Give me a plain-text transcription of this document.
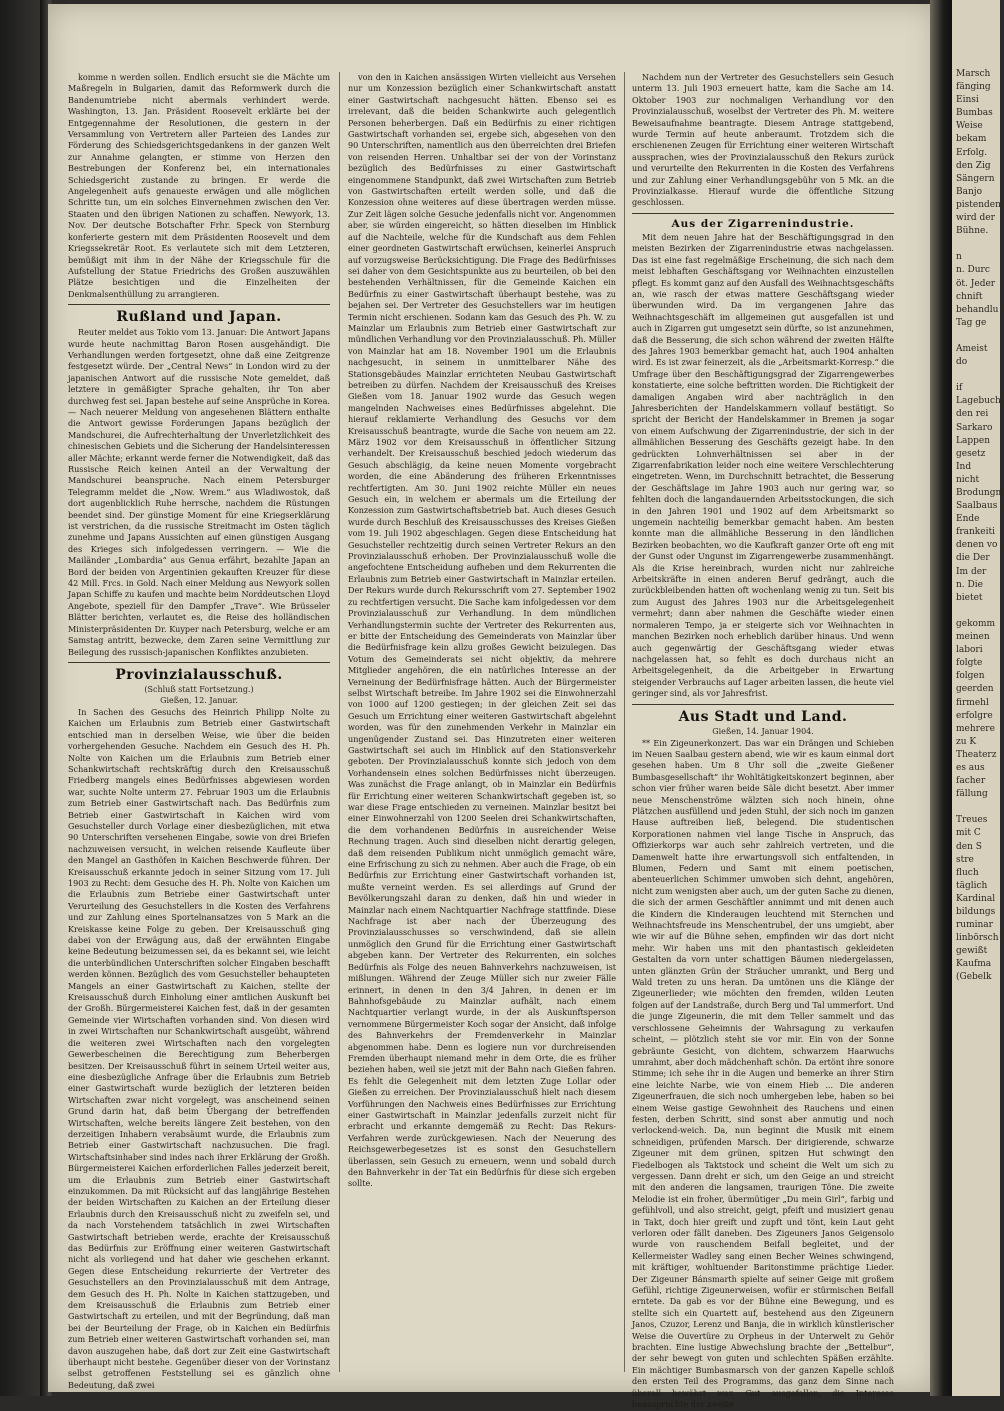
komme n werden sollen. Endlich ersucht sie die Mächte um Maßregeln in Bulgarien, damit das Reformwerk durch die Bandenumtriebe nicht abermals verhindert werde. Washington, 13. Jan. Präsident Roosevelt erklärte bei der Entgegennahme der Resolutionen, die gestern in der Versammlung von Vertretern aller Parteien des Landes zur Förderung des Schiedsgerichtsgedankens in der ganzen Welt zur Annahme gelangten, er stimme von Herzen den Bestrebungen der Konferenz bei, ein internationales Schiedsgericht zustande zu bringen. Er werde die Angelegenheit aufs genaueste erwägen und alle möglichen Schritte tun, um ein solches Einvernehmen zwischen den Ver. Staaten und den übrigen Nationen zu schaffen. Newyork, 13. Nov. Der deutsche Botschafter Frhr. Speck von Sternburg konferierte gestern mit dem Präsidenten Roosevelt und dem Kriegssekretär Root. Es verlautete sich mit dem Letzteren, bemüßigt mit ihm in der Nähe der Kriegsschule für die Aufstellung der Statue Friedrichs des Großen auszuwählen Plätze besichtigen und die Einzelheiten der Denkmalsenthüllung zu arrangieren.

Rußland und Japan.

Reuter meldet aus Tokio vom 13. Januar: Die Antwort Japans wurde heute nachmittag Baron Rosen ausgehändigt. Die Verhandlungen werden fortgesetzt, ohne daß eine Zeitgrenze festgesetzt würde. Der „Central News“ in London wird zu der japanischen Antwort auf die russische Note gemeldet, daß letztere in gemäßigter Sprache gehalten, ihr Ton aber durchweg fest sei. Japan bestehe auf seine Ansprüche in Korea. — Nach neuerer Meldung von angesehenen Blättern enthalte die Antwort gewisse Forderungen Japans bezüglich der Mandschurei, die Aufrechterhaltung der Unverletzlichkeit des chinesischen Gebiets und die Sicherung der Handelsinteressen aller Mächte; erkannt werde ferner die Notwendigkeit, daß das Russische Reich keinen Anteil an der Verwaltung der Mandschurei beanspruche. Nach einem Petersburger Telegramm meldet die „Now. Wrem.“ aus Wladiwostok, daß dort augenblicklich Ruhe herrsche, nachdem die Rüstungen beendet sind. Der günstige Moment für eine Kriegserklärung ist verstrichen, da die russische Streitmacht im Osten täglich zunehme und Japans Aussichten auf einen günstigen Ausgang des Krieges sich infolgedessen verringern. — Wie die Mailänder „Lombardia“ aus Genua erfährt, bezahlte Japan an Bord der beiden von Argentinien gekauften Kreuzer für diese 42 Mill. Frcs. in Gold. Nach einer Meldung aus Newyork sollen Japan Schiffe zu kaufen und machte beim Norddeutschen Lloyd Angebote, speziell für den Dampfer „Trave“. Wie Brüsseler Blätter berichten, verlautet es, die Reise des holländischen Ministerpräsidenten Dr. Kuyper nach Petersburg, welche er am Samstag antritt, bezwecke, dem Zaren seine Vermittlung zur Beilegung des russisch-japanischen Konfliktes anzubieten.

Provinzialausschuß.
(Schluß statt Fortsetzung.)
Gießen, 12. Januar.

In Sachen des Gesuchs des Heinrich Philipp Nolte zu Kaichen um Erlaubnis zum Betrieb einer Gastwirtschaft entschied man in derselben Weise, wie über die beiden vorhergehenden Gesuche. Nachdem ein Gesuch des H. Ph. Nolte von Kaichen um die Erlaubnis zum Betrieb einer Schankwirtschaft rechtskräftig durch den Kreisausschuß Friedberg mangels eines Bedürfnisses abgewiesen worden war, suchte Nolte unterm 27. Februar 1903 um die Erlaubnis zum Betrieb einer Gastwirtschaft nach. Das Bedürfnis zum Betrieb einer Gastwirtschaft in Kaichen wird vom Gesuchsteller durch Vorlage einer diesbezüglichen, mit etwa 90 Unterschriften versehenen Eingabe, sowie von drei Briefen nachzuweisen versucht, in welchen reisende Kaufleute über den Mangel an Gasthöfen in Kaichen Beschwerde führen. Der Kreisausschuß erkannte jedoch in seiner Sitzung vom 17. Juli 1903 zu Recht: dem Gesuche des H. Ph. Nolte von Kaichen um die Erlaubnis zum Betriebe einer Gastwirtschaft unter Verurteilung des Gesuchstellers in die Kosten des Verfahrens und zur Zahlung eines Sportelnansatzes von 5 Mark an die Kreiskasse keine Folge zu geben. Der Kreisausschuß ging dabei von der Erwägung aus, daß der erwähnten Eingabe keine Bedeutung beizumessen sei, da es bekannt sei, wie leicht die unterbündlichen Unterschriften solcher Eingaben beschafft werden können. Bezüglich des vom Gesuchsteller behaupteten Mangels an einer Gastwirtschaft zu Kaichen, stellte der Kreisausschuß durch Einholung einer amtlichen Auskunft bei der Großh. Bürgermeisterei Kaichen fest, daß in der gesamten Gemeinde vier Wirtschaften vorhanden sind. Von diesen wird in zwei Wirtschaften nur Schankwirtschaft ausgeübt, während die weiteren zwei Wirtschaften nach den vorgelegten Gewerbescheinen die Berechtigung zum Beherbergen besitzen. Der Kreisausschuß führt in seinem Urteil weiter aus, eine diesbezügliche Anfrage über die Erlaubnis zum Betrieb einer Gastwirtschaft wurde bezüglich der letzteren beiden Wirtschaften zwar nicht vorgelegt, was anscheinend seinen Grund darin hat, daß beim Übergang der betreffenden Wirtschaften, welche bereits längere Zeit bestehen, von den derzeitigen Inhabern verabsäumt wurde, die Erlaubnis zum Betrieb einer Gastwirtschaft nachzusuchen. Die fragl. Wirtschaftsinhaber sind indes nach ihrer Erklärung der Großh. Bürgermeisterei Kaichen erforderlichen Falles jederzeit bereit, um die Erlaubnis zum Betrieb einer Gastwirtschaft einzukommen. Da mit Rücksicht auf das langjährige Bestehen der beiden Wirtschaften zu Kaichen an der Erteilung dieser Erlaubnis durch den Kreisausschuß nicht zu zweifeln sei, und da nach Vorstehendem tatsächlich in zwei Wirtschaften Gastwirtschaft betrieben werde, erachte der Kreisausschuß das Bedürfnis zur Eröffnung einer weiteren Gastwirtschaft nicht als vorliegend und hat daher wie geschehen erkannt. Gegen diese Entscheidung rekurrierte der Vertreter des Gesuchstellers an den Provinzialausschuß mit dem Antrage, dem Gesuch des H. Ph. Nolte in Kaichen stattzugeben, und dem Kreisausschuß die Erlaubnis zum Betrieb einer Gastwirtschaft zu erteilen, und mit der Begründung, daß man bei der Beurteilung der Frage, ob in Kaichen ein Bedürfnis zum Betrieb einer weiteren Gastwirtschaft vorhanden sei, man davon auszugehen habe, daß dort zur Zeit eine Gastwirtschaft überhaupt nicht bestehe. Gegenüber dieser von der Vorinstanz selbst getroffenen Feststellung sei es gänzlich ohne Bedeutung, daß zwei

von den in Kaichen ansässigen Wirten vielleicht aus Versehen nur um Konzession bezüglich einer Schankwirtschaft anstatt einer Gastwirtschaft nachgesucht hätten. Ebenso sei es irrelevant, daß die beiden Schankwirte auch gelegentlich Personen beherbergen. Daß ein Bedürfnis zu einer richtigen Gastwirtschaft vorhanden sei, ergebe sich, abgesehen von den 90 Unterschriften, namentlich aus den überreichten drei Briefen von reisenden Herren. Unhaltbar sei der von der Vorinstanz bezüglich des Bedürfnisses zu einer Gastwirtschaft eingenommene Standpunkt, daß zwei Wirtschaften zum Betrieb von Gastwirtschaften erteilt werden solle, und daß die Konzession ohne weiteres auf diese übertragen werden müsse. Zur Zeit lägen solche Gesuche jedenfalls nicht vor. Angenommen aber, sie würden eingereicht, so hätten dieselben im Hinblick auf die Nachteile, welche für die Kundschaft aus dem Fehlen einer geordneten Gastwirtschaft erwüchsen, keinerlei Anspruch auf vorzugsweise Berücksichtigung. Die Frage des Bedürfnisses sei daher von dem Gesichtspunkte aus zu beurteilen, ob bei den bestehenden Verhältnissen, für die Gemeinde Kaichen ein Bedürfnis zu einer Gastwirtschaft überhaupt bestehe, was zu bejahen sei. Der Vertreter des Gesuchstellers war im heutigen Termin nicht erschienen. Sodann kam das Gesuch des Ph. W. zu Mainzlar um Erlaubnis zum Betrieb einer Gastwirtschaft zur mündlichen Verhandlung vor den Provinzialausschuß. Ph. Müller von Mainzlar hat am 18. November 1901 um die Erlaubnis nachgesucht, in seinem in unmittelbarer Nähe des Stationsgebäudes Mainzlar errichteten Neubau Gastwirtschaft betreiben zu dürfen. Nachdem der Kreisausschuß des Kreises Gießen vom 18. Januar 1902 wurde das Gesuch wegen mangelnden Nachweises eines Bedürfnisses abgelehnt. Die hierauf reklamierte Verhandlung des Gesuchs vor dem Kreisausschuß beantragte, wurde die Sache von neuem am 22. März 1902 vor dem Kreisausschuß in öffentlicher Sitzung verhandelt. Der Kreisausschuß beschied jedoch wiederum das Gesuch abschlägig, da keine neuen Momente vorgebracht worden, die eine Abänderung des früheren Erkenntnisses rechtfertigten. Am 30. Juni 1902 reichte Müller ein neues Gesuch ein, in welchem er abermals um die Erteilung der Konzession zum Gastwirtschaftsbetrieb bat. Auch dieses Gesuch wurde durch Beschluß des Kreisausschusses des Kreises Gießen vom 19. Juli 1902 abgeschlagen. Gegen diese Entscheidung hat Gesuchsteller rechtzeitig durch seinen Vertreter Rekurs an den Provinzialausschuß erhoben. Der Provinzialausschuß wolle die angefochtene Entscheidung aufheben und dem Rekurrenten die Erlaubnis zum Betrieb einer Gastwirtschaft in Mainzlar erteilen. Der Rekurs wurde durch Rekursschrift vom 27. September 1902 zu rechtfertigen versucht. Die Sache kam infolgedessen vor dem Provinzialausschuß zur Verhandlung. In dem mündlichen Verhandlungstermin suchte der Vertreter des Rekurrenten aus, er bitte der Entscheidung des Gemeinderats von Mainzlar über die Bedürfnisfrage kein allzu großes Gewicht beizulegen. Das Votum des Gemeinderats sei nicht objektiv, da mehrere Mitglieder angehören, die ein natürliches Interesse an der Verneinung der Bedürfnisfrage hätten. Auch der Bürgermeister selbst Wirtschaft betreibe. Im Jahre 1902 sei die Einwohnerzahl von 1000 auf 1200 gestiegen; in der gleichen Zeit sei das Gesuch um Errichtung einer weiteren Gastwirtschaft abgelehnt worden, was für den zunehmenden Verkehr in Mainzlar ein ungenügender Zustand sei. Das Hinzutreten einer weiteren Gastwirtschaft sei auch im Hinblick auf den Stationsverkehr geboten. Der Provinzialausschuß konnte sich jedoch von dem Vorhandensein eines solchen Bedürfnisses nicht überzeugen. Was zunächst die Frage anlangt, ob in Mainzlar ein Bedürfnis für Errichtung einer weiteren Schankwirtschaft gegeben ist, so war diese Frage entschieden zu verneinen. Mainzlar besitzt bei einer Einwohnerzahl von 1200 Seelen drei Schankwirtschaften, die dem vorhandenen Bedürfnis in ausreichender Weise Rechnung tragen. Auch sind dieselben nicht derartig gelegen, daß dem reisenden Publikum nicht unmöglich gemacht wäre, eine Erfrischung zu sich zu nehmen. Aber auch die Frage, ob ein Bedürfnis zur Errichtung einer Gastwirtschaft vorhanden ist, mußte verneint werden. Es sei allerdings auf Grund der Bevölkerungszahl daran zu denken, daß hin und wieder in Mainzlar nach einem Nachtquartier Nachfrage stattfinde. Diese Nachfrage ist aber nach der Überzeugung des Provinzialausschusses so verschwindend, daß sie allein unmöglich den Grund für die Errichtung einer Gastwirtschaft abgeben kann. Der Vertreter des Rekurrenten, ein solches Bedürfnis als Folge des neuen Bahnverkehrs nachzuweisen, ist mißlungen. Während der Zeuge Müller sich nur zweier Fälle erinnert, in denen in den 3/4 Jahren, in denen er im Bahnhofsgebäude zu Mainzlar aufhält, nach einem Nachtquartier verlangt wurde, in der als Auskunftsperson vernommene Bürgermeister Koch sogar der Ansicht, daß infolge des Bahnverkehrs der Fremdenverkehr in Mainzlar abgenommen habe. Denn es logiere nun vor durchreisenden Fremden überhaupt niemand mehr in dem Orte, die es früher beziehen haben, weil sie jetzt mit der Bahn nach Gießen fahren. Es fehlt die Gelegenheit mit dem letzten Zuge Lollar oder Gießen zu erreichen. Der Provinzialausschuß hielt nach diesem Vorführungen den Nachweis eines Bedürfnisses zur Errichtung einer Gastwirtschaft in Mainzlar jedenfalls zurzeit nicht für erbracht und erkannte demgemäß zu Recht: Das Rekurs-Verfahren werde zurückgewiesen. Nach der Neuerung des Reichsgewerbegesetzes ist es sonst den Gesuchstellern überlassen, sein Gesuch zu erneuern, wenn und sobald durch den Bahnverkehr in der Tat ein Bedürfnis für diese sich ergeben sollte.

Nachdem nun der Vertreter des Gesuchstellers sein Gesuch unterm 13. Juli 1903 erneuert hatte, kam die Sache am 14. Oktober 1903 zur nochmaligen Verhandlung vor den Provinzialausschuß, woselbst der Vertreter des Ph. M. weitere Beweisaufnahme beantragte. Diesem Antrage stattgebend, wurde Termin auf heute anberaumt. Trotzdem sich die erschienenen Zeugen für Errichtung einer weiteren Wirtschaft aussprachen, wies der Provinzialausschuß den Rekurs zurück und verurteilte den Rekurrenten in die Kosten des Verfahrens und zur Zahlung einer Verhandlungsgebühr von 5 Mk. an die Provinzialkasse. Hierauf wurde die öffentliche Sitzung geschlossen.

Aus der Zigarrenindustrie.

Mit dem neuen Jahre hat der Beschäftigungsgrad in den meisten Bezirken der Zigarrenindustrie etwas nachgelassen. Das ist eine fast regelmäßige Erscheinung, die sich nach dem meist lebhaften Geschäftsgang vor Weihnachten einzustellen pflegt. Es kommt ganz auf den Ausfall des Weihnachtsgeschäfts an, wie rasch der etwas mattere Geschäftsgang wieder überwunden wird. Da im vergangenen Jahre das Weihnachtsgeschäft im allgemeinen gut ausgefallen ist und auch in Zigarren gut umgesetzt sein dürfte, so ist anzunehmen, daß die Besserung, die sich schon während der zweiten Hälfte des Jahres 1903 bemerkbar gemacht hat, auch 1904 anhalten wird. Es ist zwar feinerzeit, als die „Arbeitsmarkt-Korresp.“ die Umfrage über den Beschäftigungsgrad der Zigarrengewerbes konstatierte, eine solche beftritten worden. Die Richtigkeit der damaligen Angaben wird aber nachträglich in den Jahresberichten der Handelskammern vollauf bestätigt. So spricht der Bericht der Handelskammer in Bremen ja sogar von einem Aufschwung der Zigarrenindustrie, der sich in der allmählichen Besserung des Geschäfts gezeigt habe. In den gedrückten Lohnverhältnissen sei aber in der Zigarrenfabrikation leider noch eine weitere Verschlechterung eingetreten. Wenn, im Durchschnitt betrachtet, die Besserung der Geschäftslage im Jahre 1903 auch nur gering war, so fehlten doch die langandauernden Arbeitsstockungen, die sich in den Jahren 1901 und 1902 auf dem Arbeitsmarkt so ungemein nachteilig bemerkbar gemacht haben. Am besten konnte man die allmähliche Besserung in den ländlichen Bezirken beobachten, wo die Kaufkraft ganzer Orte oft eng mit der Gunst oder Ungunst im Zigarrengewerbe zusammenhängt. Als die Krise hereinbrach, wurden nicht nur zahlreiche Arbeitskräfte in einen anderen Beruf gedrängt, auch die zurückbleibenden hatten oft wochenlang wenig zu tun. Seit bis zum August des Jahres 1903 nur die Arbeitsgelegenheit vermehrt; dann aber nahmen die Geschäfte wieder einen normaleren Tempo, ja er steigerte sich vor Weihnachten in manchen Bezirken noch erheblich darüber hinaus. Und wenn auch gegenwärtig der Geschäftsgang wieder etwas nachgelassen hat, so fehlt es doch durchaus nicht an Arbeitsgelegenheit, da die Arbeitgeber in Erwartung steigender Verbrauchs auf Lager arbeiten lassen, die heute viel geringer sind, als vor Jahresfrist.

Aus Stadt und Land.
Gießen, 14. Januar 1904.

** Ein Zigeunerkonzert. Das war ein Drängen und Schieben im Neuen Saalbau gestern abend, wie wir es kaum einmal dort gesehen haben. Um 8 Uhr soll die „zweite Gießener Bumbasgesellschaft“ ihr Wohltätigkeitskonzert beginnen, aber schon vier früher waren beide Säle dicht besetzt. Aber immer neue Menschenströme wälzten sich noch hinein, ohne Plätzchen ausfüllend und jeden Stuhl, der sich noch im ganzen Hause auftreiben ließ, belegend. Die studentischen Korporationen nahmen viel lange Tische in Anspruch, das Offizierkorps war auch sehr zahlreich vertreten, und die Damenwelt hatte ihre erwartungsvoll sich entfaltenden, in Blumen, Federn und Samt mit einem poetischen, abenteuerlichen Schimmer umwoben sich dehnt, angehören, nicht zum wenigsten aber auch, um der guten Sache zu dienen, die sich der armen Geschäftler annimmt und mit denen auch die Kindern die Kinderaugen leuchtend mit Sternchen und Weihnachtsfreude ins Menschentrubel, der uns umgiebt, aber wie wir auf die Bühne sehen, empfinden wir das dort nicht mehr. Wir haben uns mit den phantastisch gekleideten Gestalten da vorn unter schattigen Bäumen niedergelassen, unten glänzten Grün der Sträucher umrankt, und Berg und Wald treten zu uns heran. Da umtönen uns die Klänge der Zigeunerlieder; wie möchten den fremden, wilden Leuten folgen auf der Landstraße, durch Berg und Tal ummerfort. Und die junge Zigeunerin, die mit dem Teller sammelt und das verschlossene Geheimnis der Wahrsagung zu verkaufen scheint, — plötzlich steht sie vor mir. Ein von der Sonne gebräunte Gesicht, von dichtem, schwarzem Haarwuchs umrahmt, aber doch mädchenhaft schön. Da ertönt ihre sonore Stimme; ich sehe ihr in die Augen und bemerke an ihrer Stirn eine leichte Narbe, wie von einem Hieb ... Die anderen Zigeunerfrauen, die sich noch umhergeben lebe, haben so bei einem Weise gastige Gewohnheit des Rauchens und einen festen, derben Schritt, sind sonst aber anmutig und noch verlockend-weich. Da, nun beginnt die Musik mit einem schneidigen, prüfenden Marsch. Der dirigierende, schwarze Zigeuner mit dem grünen, spitzen Hut schwingt den Fiedelbogen als Taktstock und scheint die Welt um sich zu vergessen. Dann dreht er sich, um den Geige an und streicht mit den anderen die langsamen, traurigen Töne. Die zweite Melodie ist ein froher, übermütiger „Du mein Girl“, farbig und gefühlvoll, und also streicht, geigt, pfeift und musiziert genau in Takt, doch hier greift und zupft und tönt, kein Laut geht verloren oder fällt daneben. Des Zigeuners Janos Geigensolo wurde von rauschendem Beifall begleitet, und der Kellermeister Wadley sang einen Becher Weines schwingend, mit kräftiger, wohltuender Baritonstimme prächtige Lieder. Der Zigeuner Bánsmarth spielte auf seiner Geige mit großem Gefühl, richtige Zigeunerweisen, wofür er stürmischen Beifall erntete. Da gab es vor der Bühne eine Bewegung, und es stellte sich ein Quartett auf, bestehend aus den Zigeunern Janos, Czuzor, Lerenz und Banja, die in wirklich künstlerischer Weise die Ouvertüre zu Orpheus in der Unterwelt zu Gehör brachten. Eine lustige Abwechslung brachte der „Bettelbur“, der sehr bewegt von guten und schlechten Späßen erzählte. Ein mächtiger Bumbasmarsch von der ganzen Kapelle schloß den ersten Teil des Programms, das ganz dem Sinne nach überall bewährt war. Gut ausgefallen, die Interesse beanspruchte der zweite

Marsch
fänging
Einsi
Bumbas
Weise
bekam
Erfolg.
den Zig
Sängern
Banjo
pistenden
wird der
Bühne.

n
n. Durc
öt. Jeder
chnift
behandlu
Tag ge

Ameist
do

if
Lagebuch
den rei
Sarkaro
Lappen
gesetz
Ind
nicht
Brodungm
Saalbaus
Ende
frankeiti
denen vo
die Der
Im der
n. Die
bietet

gekomm
meinen
labori
folgte
folgen
geerden
firmehl
erfolgre
mehrere
zu K
Theaterz
es aus
facher
fällung

Treues
mit C
den S
stre
fluch
täglich
Kardinal
bildungs
ruminar
linbörsch
gewißt
Kaufma
(Gebelk
